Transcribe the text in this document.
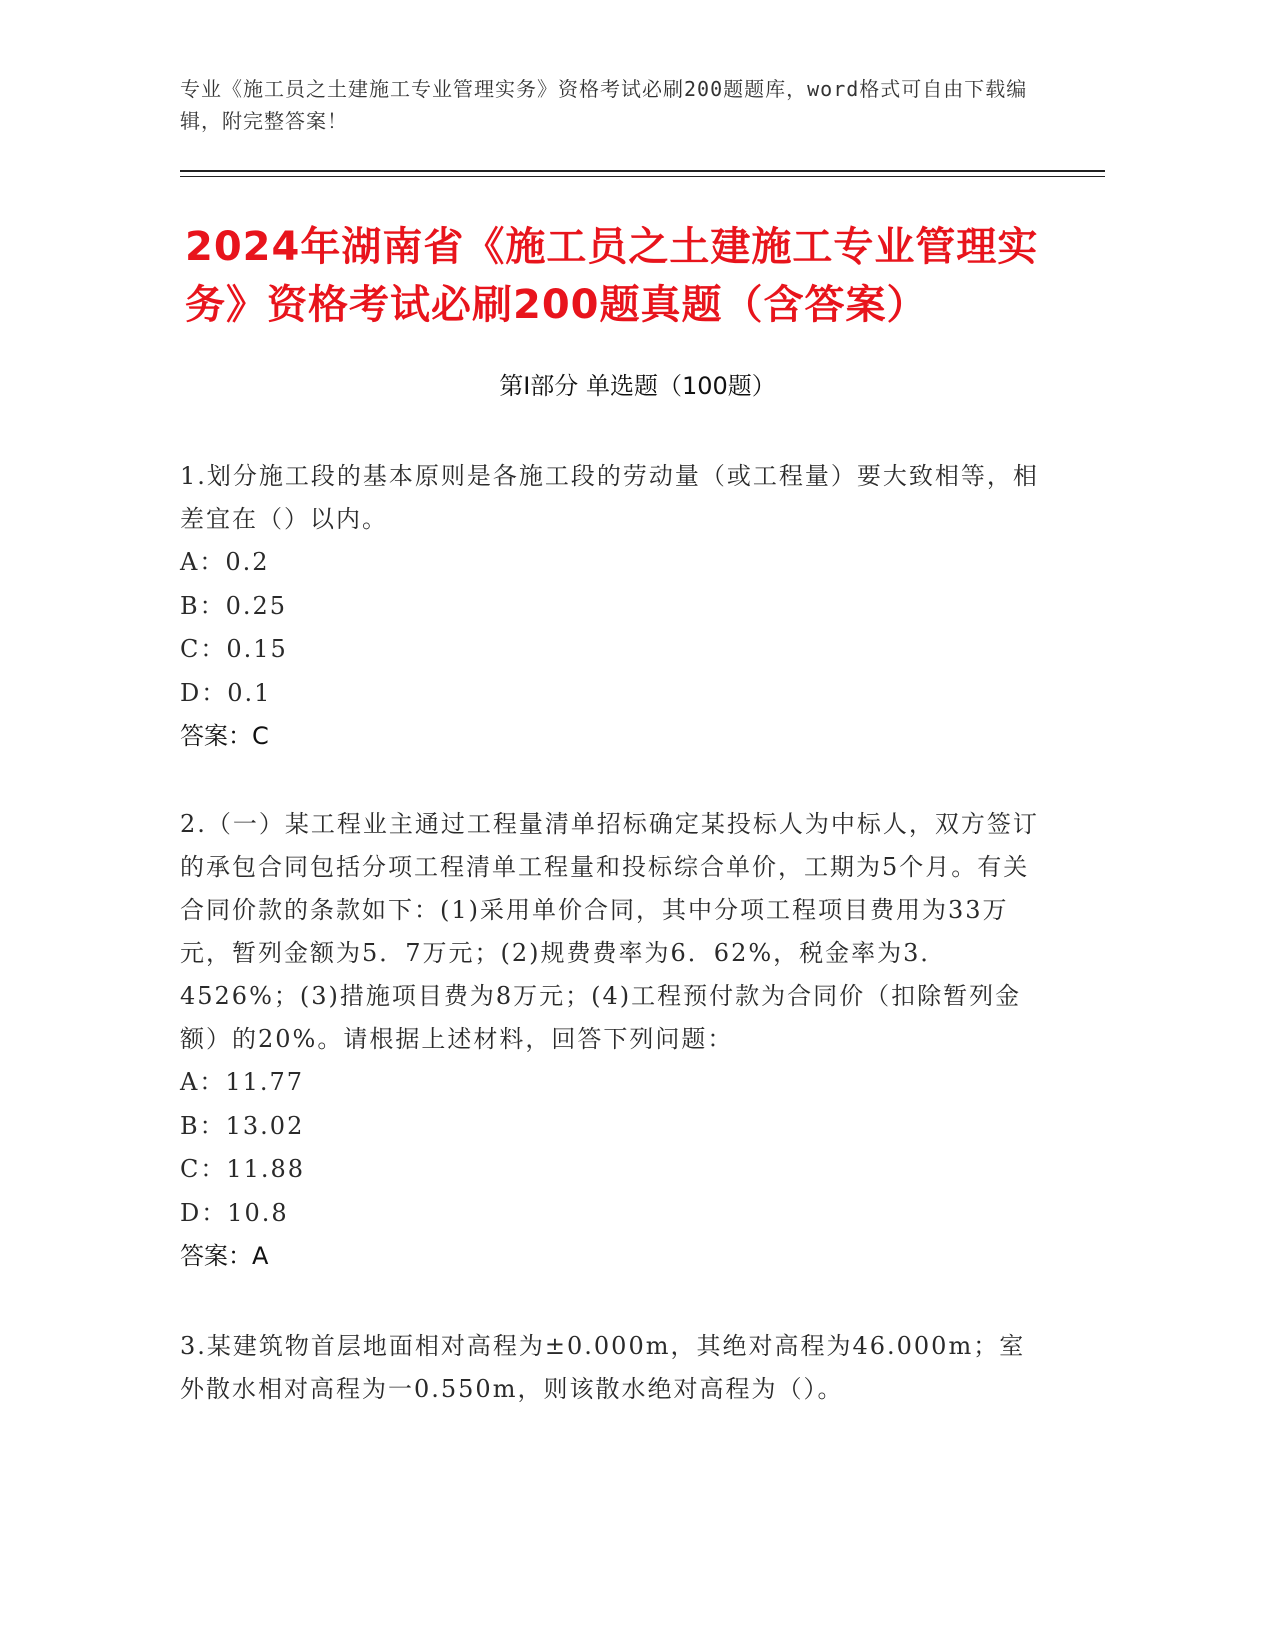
专业《施工员之土建施工专业管理实务》资格考试必刷200题题库，word格式可自由下载编辑，附完整答案！
2024年湖南省《施工员之土建施工专业管理实务》资格考试必刷200题真题（含答案）
第Ⅰ部分 单选题（100题）
1.划分施工段的基本原则是各施工段的劳动量（或工程量）要大致相等，相差宜在（）以内。
A：0.2
B：0.25
C：0.15
D：0.1
答案：C
2.（一）某工程业主通过工程量清单招标确定某投标人为中标人，双方签订的承包合同包括分项工程清单工程量和投标综合单价，工期为5个月。有关合同价款的条款如下：(1)采用单价合同，其中分项工程项目费用为33万元，暂列金额为5．7万元；(2)规费费率为6．62%，税金率为3．4526%；(3)措施项目费为8万元；(4)工程预付款为合同价（扣除暂列金额）的20%。请根据上述材料，回答下列问题：
A：11.77
B：13.02
C：11.88
D：10.8
答案：A
3.某建筑物首层地面相对高程为±0.000m，其绝对高程为46.000m；室外散水相对高程为一0.550m，则该散水绝对高程为（）。
